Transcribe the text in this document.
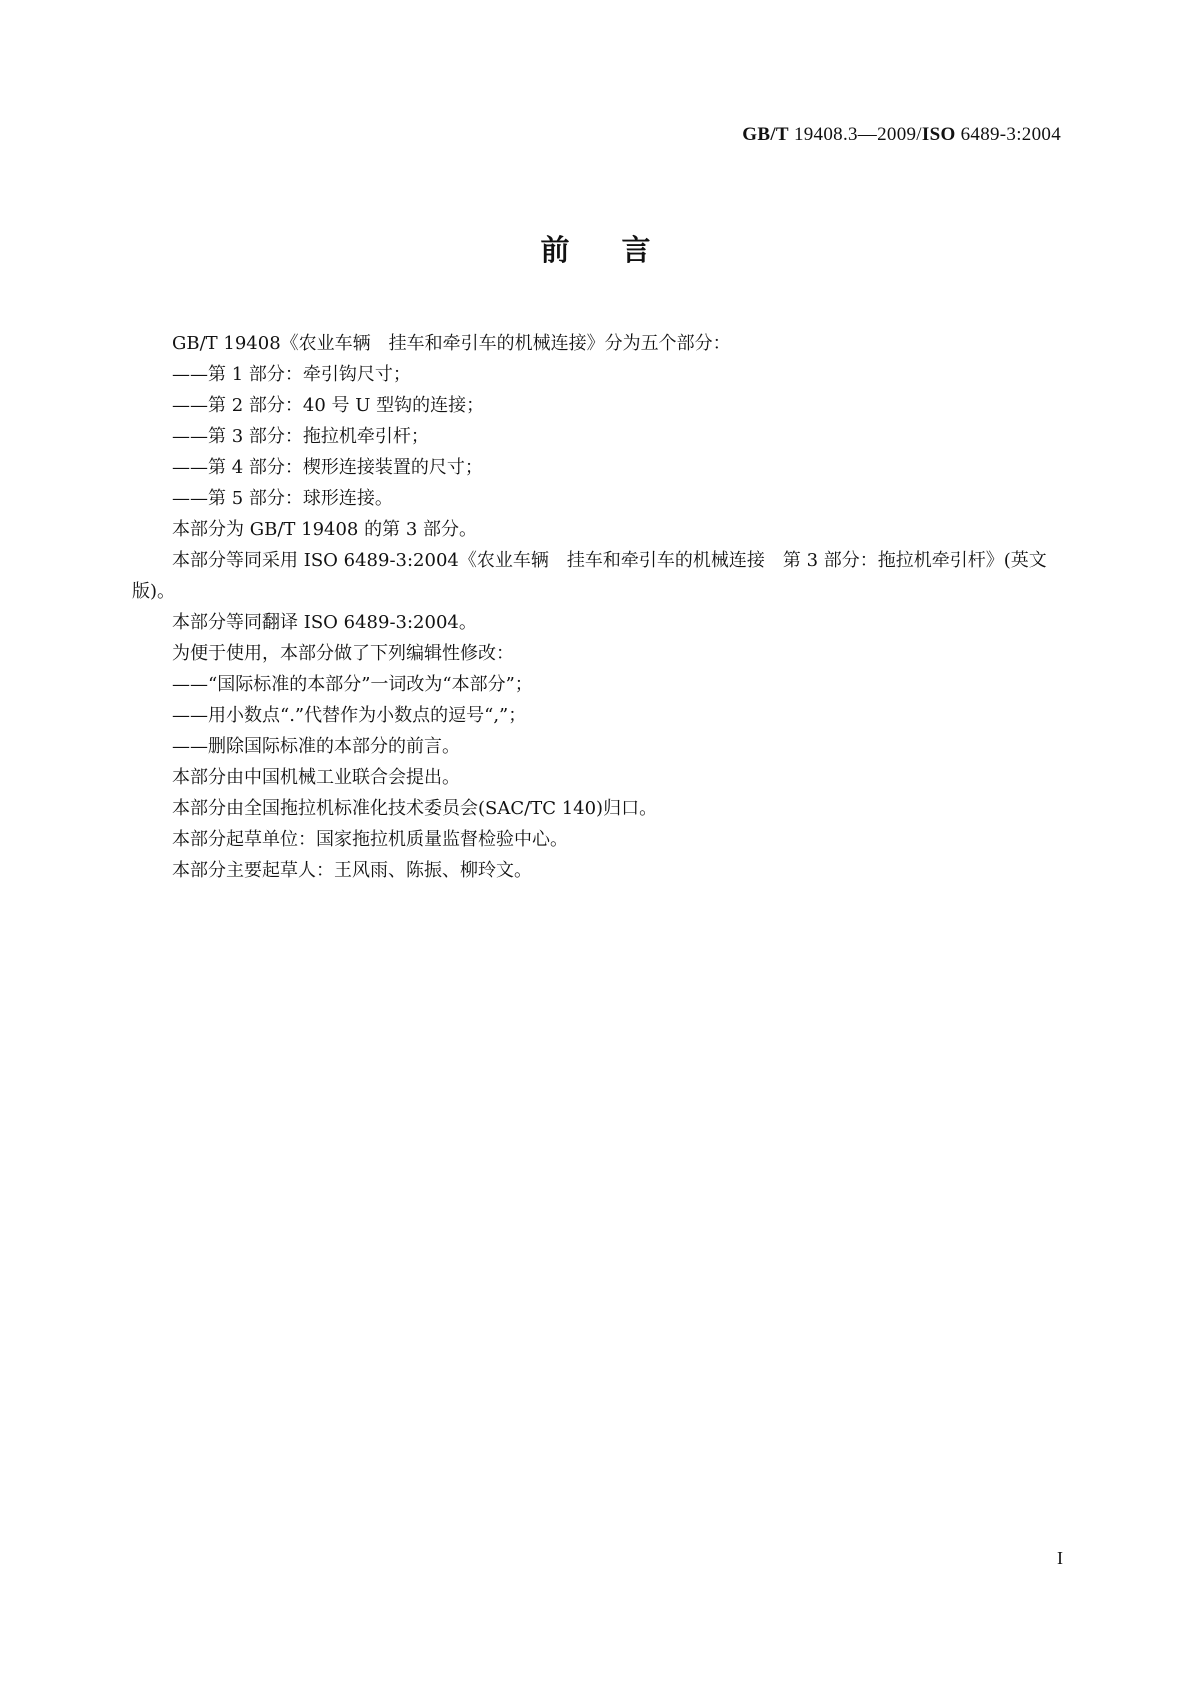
GB/T 19408.3—2009/ISO 6489-3:2004
前言

GB/T 19408《农业车辆　挂车和牵引车的机械连接》分为五个部分：

——第 1 部分：牵引钩尺寸；

——第 2 部分：40 号 U 型钩的连接；

——第 3 部分：拖拉机牵引杆；

——第 4 部分：楔形连接装置的尺寸；

——第 5 部分：球形连接。

本部分为 GB/T 19408 的第 3 部分。

本部分等同采用 ISO 6489-3:2004《农业车辆　挂车和牵引车的机械连接　第 3 部分：拖拉机牵引杆》(英文版)。

本部分等同翻译 ISO 6489-3:2004。

为便于使用，本部分做了下列编辑性修改：

——“国际标准的本部分”一词改为“本部分”；

——用小数点“.”代替作为小数点的逗号“,”；

——删除国际标准的本部分的前言。

本部分由中国机械工业联合会提出。

本部分由全国拖拉机标准化技术委员会(SAC/TC 140)归口。

本部分起草单位：国家拖拉机质量监督检验中心。

本部分主要起草人：王风雨、陈振、柳玲文。

I
